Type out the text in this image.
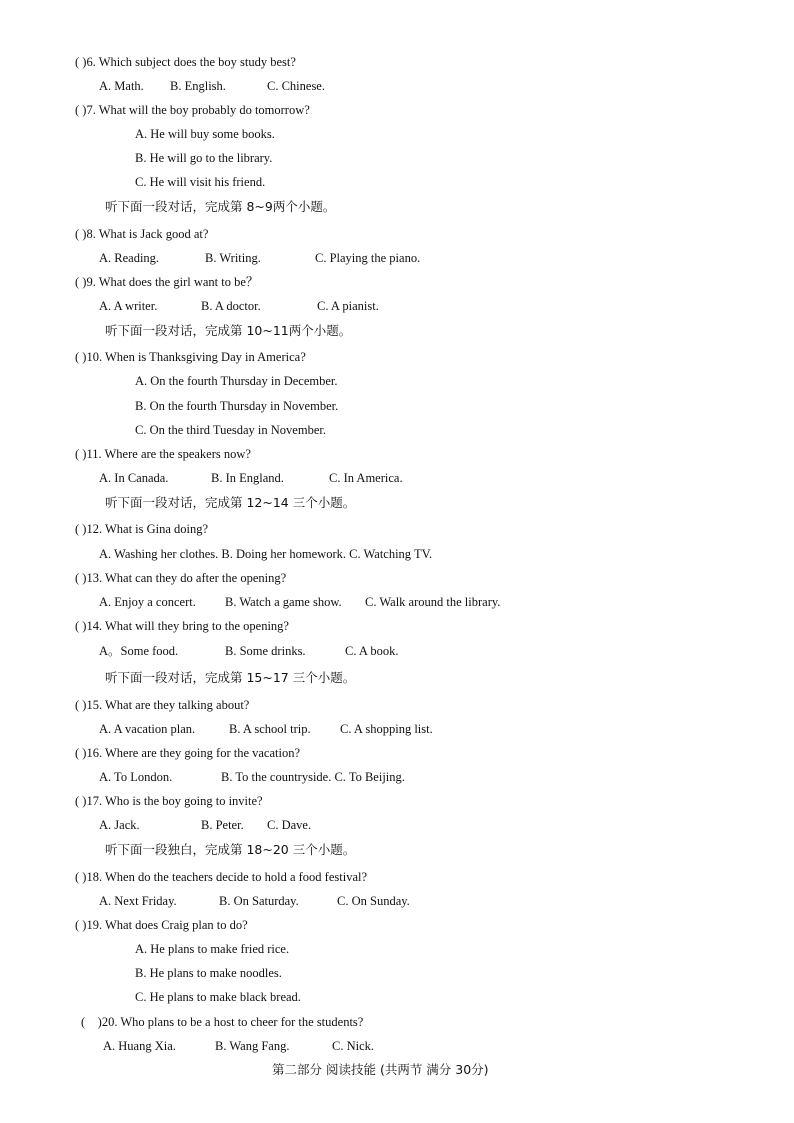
( )6. Which subject does the boy study best?
A. Math. B. English.	C. Chinese.
( )7. What will the boy probably do tomorrow?
A. He will buy some books.
B. He will go to the library.
C. He will visit his friend.
听下面一段对话，完成第 8~9两个小题。
( )8. What is Jack good at?
A. Reading.	B. Writing.	C. Playing the piano.
( )9. What does the girl want to be？
A. A writer.	B. A doctor.	C. A pianist.
听下面一段对话，完成第 10~11两个小题。
( )10. When is Thanksgiving Day in America?
A. On the fourth Thursday in December.
B. On the fourth Thursday in November.
C. On the third Tuesday in November.
( )11. Where are the speakers now?
A. In Canada.	B. In England.	C. In America.
听下面一段对话，完成第 12~14 三个小题。
( )12. What is Gina doing?
A. Washing her clothes. B. Doing her homework. C. Watching TV.
( )13. What can they do after the opening?
A. Enjoy a concert. B. Watch a game show. C. Walk around the library.
( )14. What will they bring to the opening?
A。Some food.	B. Some drinks.	C. A book.
听下面一段对话，完成第 15~17 三个小题。
( )15. What are they talking about?
A. A vacation plan.	B. A school trip. C. A shopping list.
( )16. Where are they going for the vacation?
A. To London.	B. To the countryside. C. To Beijing.
( )17. Who is the boy going to invite?
A. Jack.	B. Peter. C. Dave.
听下面一段独白，完成第 18~20 三个小题。
( )18. When do the teachers decide to hold a food festival?
A. Next Friday.	B. On Saturday.	C. On Sunday.
( )19. What does Craig plan to do?
A. He plans to make fried rice.
B. He plans to make noodles.
C. He plans to make black bread.
(　)20. Who plans to be a host to cheer for the students?
A. Huang Xia.	B. Wang Fang.	C. Nick.
第二部分 阅读技能 (共两节 满分 30分)
